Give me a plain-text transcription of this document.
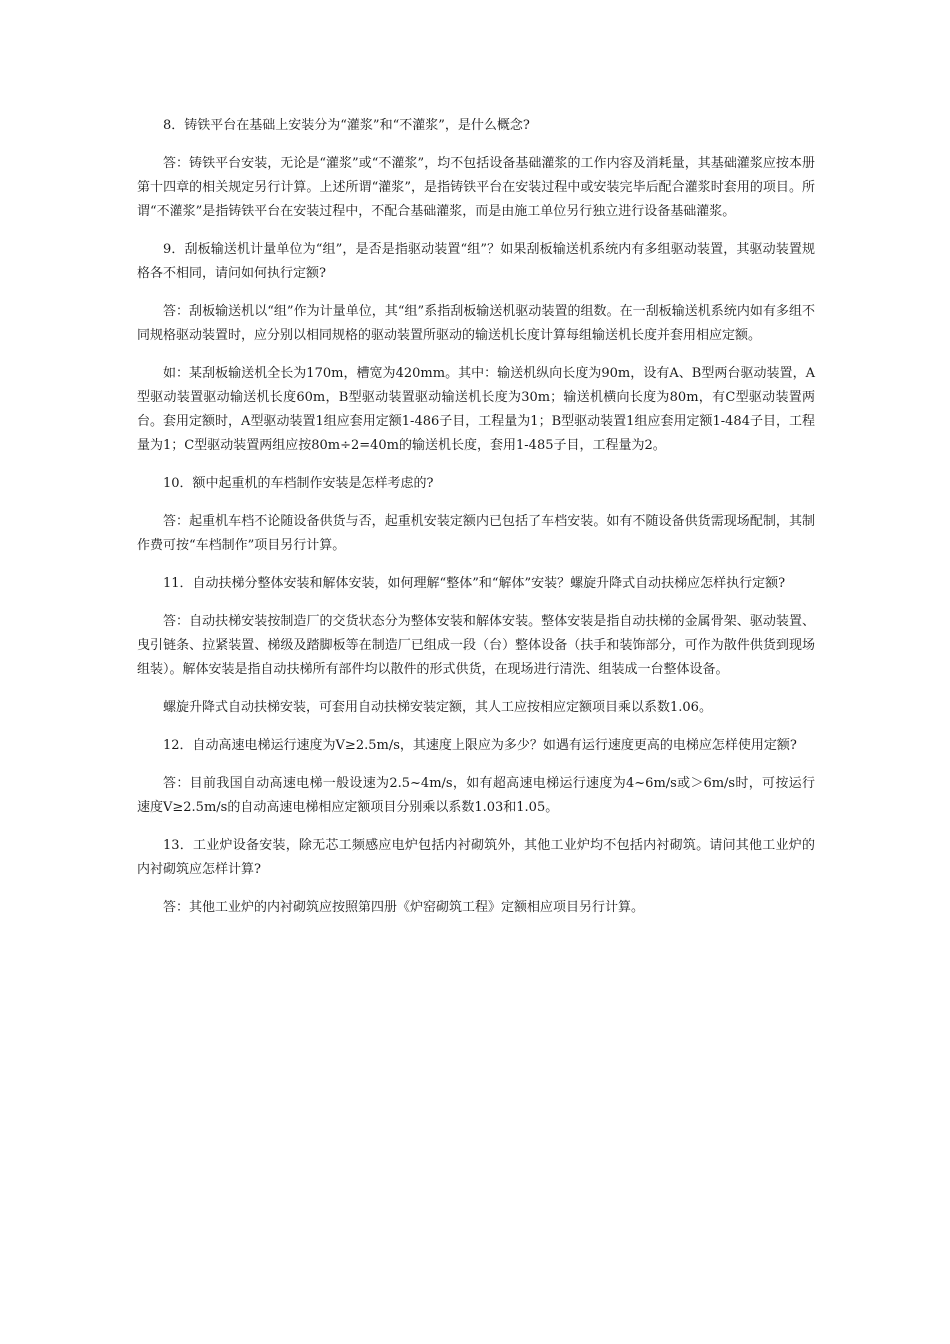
8．铸铁平台在基础上安装分为“灌浆”和“不灌浆”，是什么概念?

答：铸铁平台安装，无论是“灌浆”或“不灌浆”，均不包括设备基础灌浆的工作内容及消耗量，其基础灌浆应按本册第十四章的相关规定另行计算。上述所谓“灌浆”，是指铸铁平台在安装过程中或安装完毕后配合灌浆时套用的项目。所谓“不灌浆”是指铸铁平台在安装过程中，不配合基础灌浆，而是由施工单位另行独立进行设备基础灌浆。

9．刮板输送机计量单位为“组”，是否是指驱动装置“组”？如果刮板输送机系统内有多组驱动装置，其驱动装置规格各不相同，请问如何执行定额?

答：刮板输送机以“组”作为计量单位，其“组”系指刮板输送机驱动装置的组数。在一刮板输送机系统内如有多组不同规格驱动装置时，应分别以相同规格的驱动装置所驱动的输送机长度计算每组输送机长度并套用相应定额。

如：某刮板输送机全长为170m，槽宽为420mm。其中：输送机纵向长度为90m，设有A、B型两台驱动装置，A型驱动装置驱动输送机长度60m，B型驱动装置驱动输送机长度为30m；输送机横向长度为80m，有C型驱动装置两台。套用定额时，A型驱动装置1组应套用定额1-486子目，工程量为1；B型驱动装置1组应套用定额1-484子目，工程量为1；C型驱动装置两组应按80m÷2=40m的输送机长度，套用1-485子目，工程量为2。

10．额中起重机的车档制作安装是怎样考虑的?

答：起重机车档不论随设备供货与否，起重机安装定额内已包括了车档安装。如有不随设备供货需现场配制，其制作费可按“车档制作”项目另行计算。

11．自动扶梯分整体安装和解体安装，如何理解“整体”和“解体”安装？螺旋升降式自动扶梯应怎样执行定额?

答：自动扶梯安装按制造厂的交货状态分为整体安装和解体安装。整体安装是指自动扶梯的金属骨架、驱动装置、曳引链条、拉紧装置、梯级及踏脚板等在制造厂已组成一段（台）整体设备（扶手和装饰部分，可作为散件供货到现场组装）。解体安装是指自动扶梯所有部件均以散件的形式供货，在现场进行清洗、组装成一台整体设备。

螺旋升降式自动扶梯安装，可套用自动扶梯安装定额，其人工应按相应定额项目乘以系数1.06。

12．自动高速电梯运行速度为V≥2.5m/s，其速度上限应为多少？如遇有运行速度更高的电梯应怎样使用定额?

答：目前我国自动高速电梯一般设速为2.5~4m/s，如有超高速电梯运行速度为4~6m/s或＞6m/s时，可按运行速度V≥2.5m/s的自动高速电梯相应定额项目分别乘以系数1.03和1.05。

13．工业炉设备安装，除无芯工频感应电炉包括内衬砌筑外，其他工业炉均不包括内衬砌筑。请问其他工业炉的内衬砌筑应怎样计算?

答：其他工业炉的内衬砌筑应按照第四册《炉窑砌筑工程》定额相应项目另行计算。
